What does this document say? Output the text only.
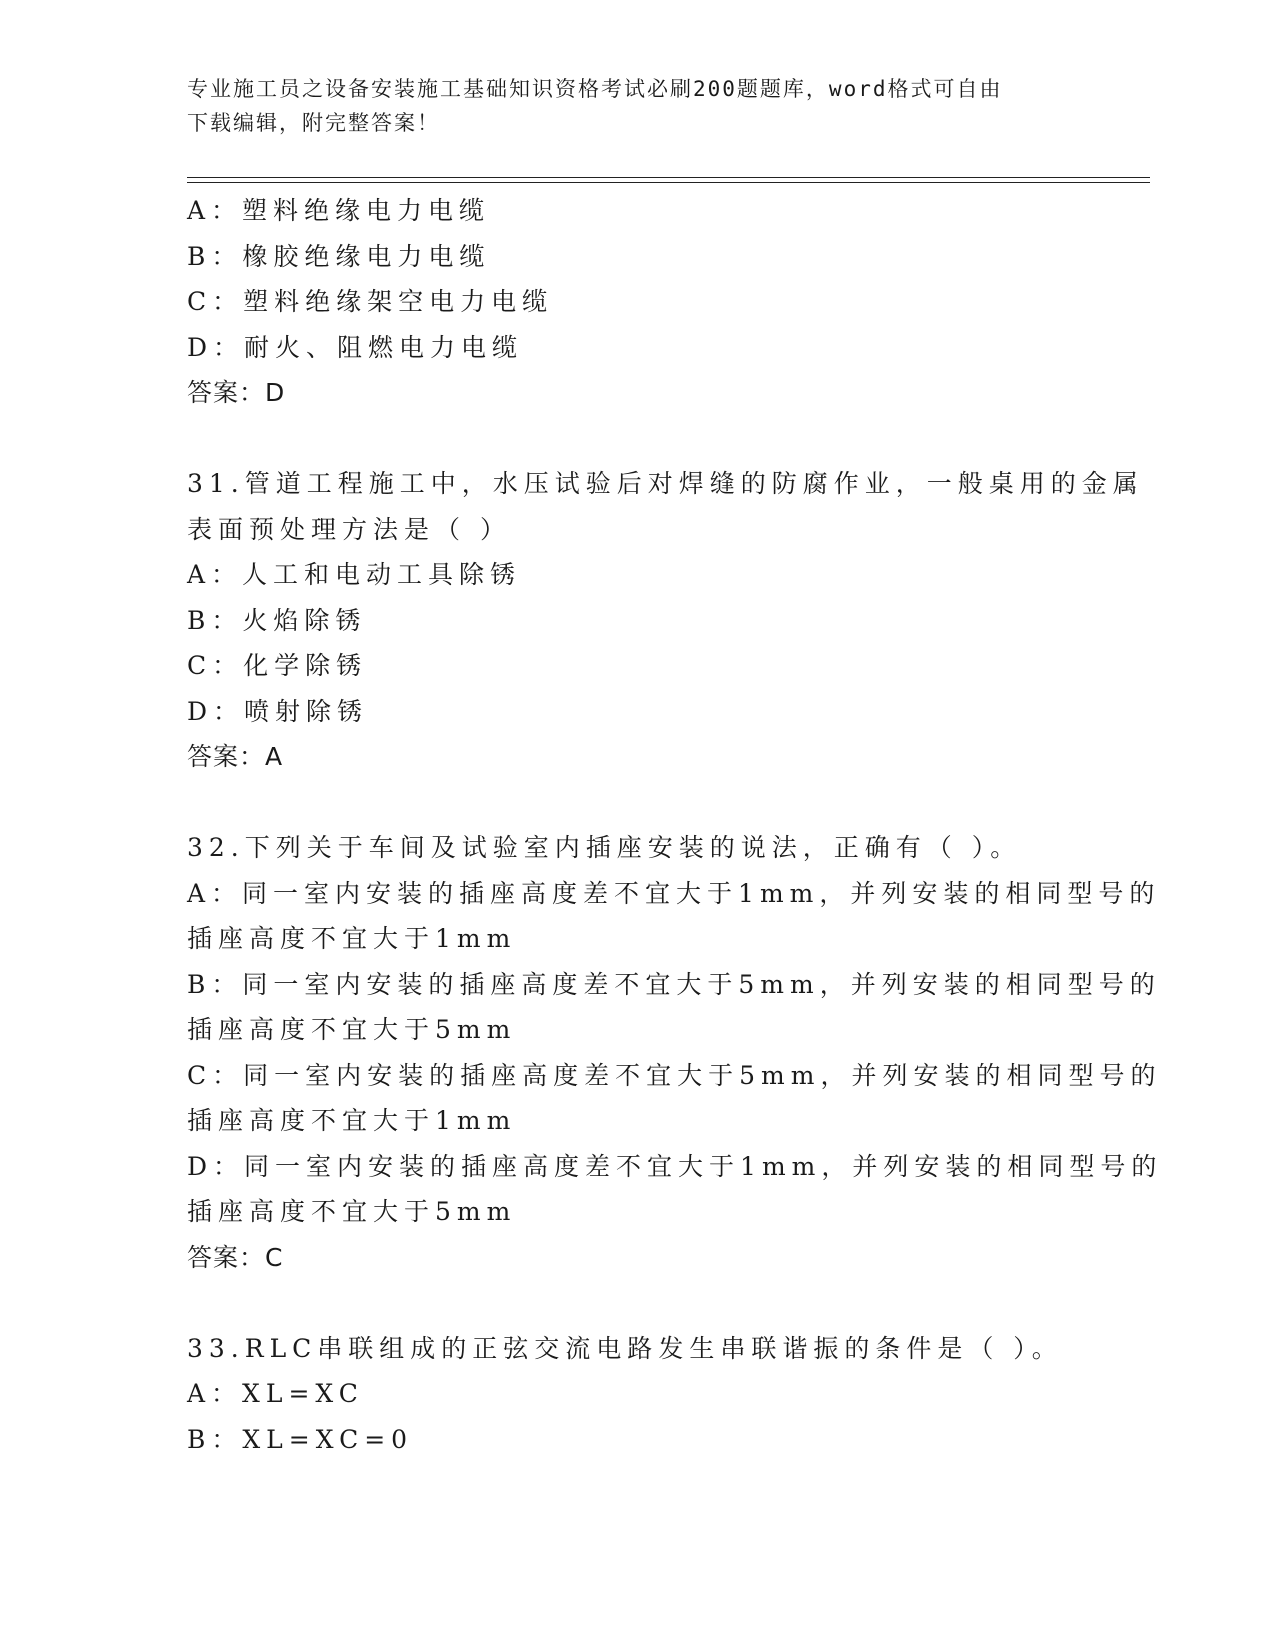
专业施工员之设备安装施工基础知识资格考试必刷200题题库，word格式可自由
下载编辑，附完整答案！
A：塑料绝缘电力电缆
B：橡胶绝缘电力电缆
C：塑料绝缘架空电力电缆
D：耐火、阻燃电力电缆
答案：D
31.管道工程施工中，水压试验后对焊缝的防腐作业，一般桌用的金属
表面预处理方法是（ ）
A：人工和电动工具除锈
B：火焰除锈
C：化学除锈
D：喷射除锈
答案：A
32.下列关于车间及试验室内插座安装的说法，正确有（ ）。
A：同一室内安装的插座高度差不宜大于1mm，并列安装的相同型号的
插座高度不宜大于1mm
B：同一室内安装的插座高度差不宜大于5mm，并列安装的相同型号的
插座高度不宜大于5mm
C：同一室内安装的插座高度差不宜大于5mm，并列安装的相同型号的
插座高度不宜大于1mm
D：同一室内安装的插座高度差不宜大于1mm，并列安装的相同型号的
插座高度不宜大于5mm
答案：C
33.RLC串联组成的正弦交流电路发生串联谐振的条件是（ ）。
A：XL=XC
B：XL=XC=0
